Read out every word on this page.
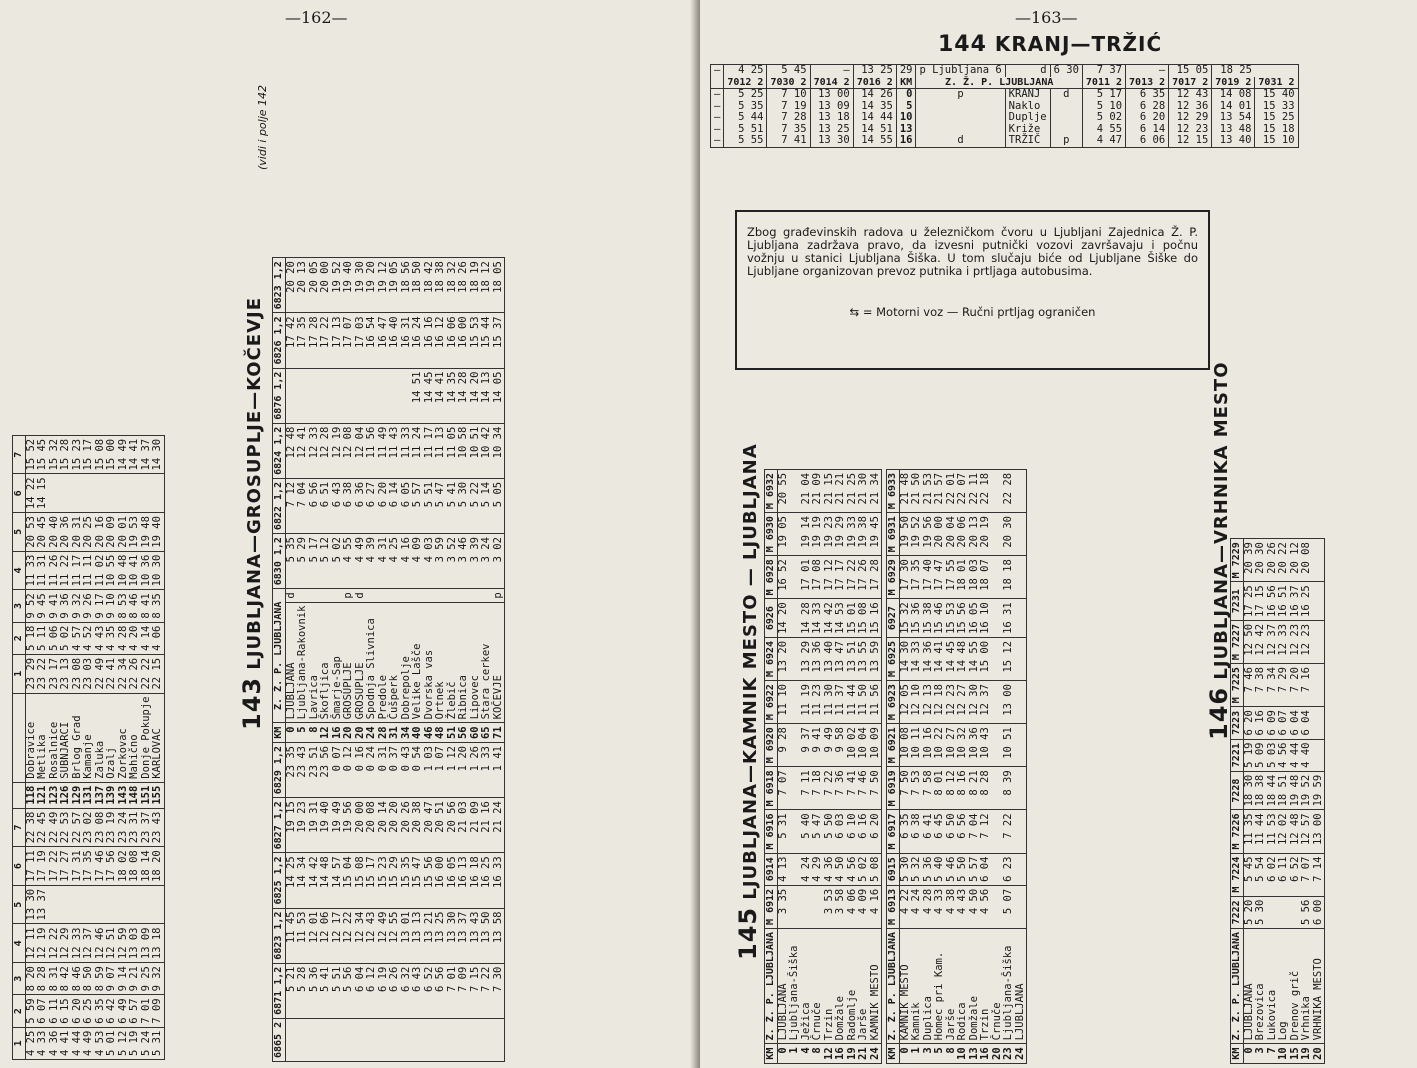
—162—
1	2	3	4	5	6	7			1	2	3	4	5	6	7
4 25	5 59	8 20	12 11	13 30	17 11	22 38	118	Dobravice	23 29	5 18	9 52	11 33	20 53	14 22	15 52
4 33	6 07	8 28	12 19	13 37	17 19	22 45	121	Metlika	23 22	5 11	9 45	11 31	20 45	14 15	15 45
4 36	6 11	8 31	12 22		17 22	22 49	123	Rosalnice	23 17	5 06	9 41	11 26	20 40		15 32
4 41	6 15	8 42	12 29		17 27	22 53	126	SUBNJARCI	23 13	5 02	9 36	11 22	20 36		15 28
4 44	6 20	8 46	12 33		17 31	22 57	129	Brlog Grad	23 08	4 57	9 32	11 17	20 31		15 23
4 49	6 25	8 50	12 37		17 35	23 02	131	Kamanje	23 03	4 52	9 26	11 11	20 25		15 17
4 53	6 35	8 59	12 46		17 46	23 08	137	Zaluka	22 49	4 43	9 17	11 02	20 16		15 08
5 01	6 42	9 07	12 51		17 56	23 19	139	Ozalj	22 41	4 35	9 10	10 55	20 09		15 00
5 12	6 49	9 14	12 59		18 02	23 24	143	Zorkovac	22 34	4 28	8 53	10 48	20 01		14 49
5 19	6 57	9 21	13 03		18 08	23 31	148	Mahično	22 26	4 20	8 46	10 41	19 53		14 41
5 24	7 01	9 25	13 09		18 14	23 37	151	Donje Pokupje	22 22	4 14	8 41	10 36	19 48		14 37
5 31	7 09	9 32	13 18		18 20	23 43	155	KARLOVAC	22 15	4 06	8 35	10 30	19 40		14 30
143 LJUBLJANA—GROSUPLJE—KOČEVJE
(vidi i polje 142
6865 2	6871 1,2	6823 1,2	6825 1,2	6827 1,2	6829 1,2	KM	Z. Ž. P. LJUBLJANA		6830 1,2	6822 1,2	6824 1,2	6876 1,2	6826 1,2	6823 1,2
	5 21	11 45	14 25	19 15	23 35	0	LJUBLJANA	d	5 35	7 12	12 48		17 42	20 20
	5 28	11 53	14 34	19 23	23 43	5	Ljubljana-Rakovnik		5 29	7 04	12 41		17 35	20 13
	5 36	12 01	14 42	19 31	23 51	8	Lavrica		5 17	6 56	12 33		17 28	20 05
	5 41	12 06	14 48	19 40	23 56	12	Škofljica		5 12	6 51	12 28		17 22	20 00
	5 51	12 17	14 57	19 49	0 07	16	Šmarje-Sap		5 02	6 43	12 19		17 13	19 52
	5 56	12 22	15 04	19 56	0 12	20	GROSUPLJE	p	4 55	6 38	12 08		17 07	19 40
	6 04	12 34	15 08	20 00	0 16	20	GROSUPLJE	d	4 49	6 36	12 04		17 03	19 30
	6 12	12 43	15 17	20 08	0 24	24	Spodnja Slivnica		4 39	6 27	11 56		16 54	19 20
	6 19	12 49	15 23	20 14	0 31	28	Predole		4 31	6 20	11 49		16 47	19 12
	6 26	12 55	15 29	20 20	0 37	31	Čušperk		4 25	6 14	11 43		16 40	19 05
	6 32	13 01	15 35	20 26	0 43	34	Dobrepolje		4 16	6 05	11 33		16 31	18 56
	6 43	13 13	15 47	20 38	0 54	40	Velike Lašče		4 09	5 57	11 24	14 51	16 24	18 50
	6 52	13 21	15 56	20 47	1 03	46	Dvorska vas		4 03	5 51	11 17	14 45	16 16	18 42
	6 56	13 25	16 00	20 51	1 07	48	Ortnek		3 59	5 47	11 13	14 41	16 12	18 38
	7 01	13 30	16 05	20 56	1 12	51	Žlebič		3 52	5 41	11 05	14 35	16 06	18 32
	7 09	13 37	16 13	21 03	1 20	56	Ribnica		3 46	5 30	10 58	14 28	16 00	18 26
	7 15	13 43	16 18	21 09	1 26	60	Lipovec		3 39	5 22	10 51	14 20	15 53	18 19
	7 22	13 50	16 25	21 16	1 33	65	Stara cerkev		3 24	5 14	10 42	14 13	15 44	18 12
	7 30	13 58	16 33	21 24	1 41	71	KOČEVJE	p	3 02	5 05	10 34	14 05	15 37	18 05
—163—
144 KRANJ—TRŽIĆ
—	4 25	5 45	—	13 25	29	p Ljubljana 6	d	6 30	7 37	—	15 05	18 25	
	7012 2	7030 2	7014 2	7016 2	KM	Z. Ž. P. LJUBLJANA			7011 2	7013 2	7017 2	7019 2	7031 2
—	5 25	7 10	13 00	14 26	0	p	KRANJ	d	5 17	6 35	12 43	14 08	15 40
—	5 35	7 19	13 09	14 35	5		Naklo		5 10	6 28	12 36	14 01	15 33
—	5 44	7 28	13 18	14 44	10		Duplje		5 02	6 20	12 29	13 54	15 25
—	5 51	7 35	13 25	14 51	13		Križe		4 55	6 14	12 23	13 48	15 18
—	5 55	7 41	13 30	14 55	16	d	TRŽIČ	p	4 47	6 06	12 15	13 40	15 10
Zbog građevinskih radova u železničkom čvoru u Ljubljani Zajednica Ž. P. Ljubljana zadržava pravo, da izvesni putnički vozovi završavaju i počnu vožnju u stanici Ljubljana Šiška. U tom slučaju biće od Ljubljane Šiške do Ljubljane organizovan prevoz putnika i prtljaga autobusima.
⇆ = Motorni voz — Ručni prtljag ograničen
145 LJUBLJANA—KAMNIK MESTO — LJUBLJANA
KM	Z. Ž. P. LJUBLJANA	M 6912	6914	M 6916	M 6918	M 6920	M 6922	M 6924	6926	M 6928	M 6930	M 6932
0	LJUBLJANA	3 35	4 13	5 31	7 07	9 28	11 10	13 20	14 20	16 52	19 05	20 55
1	Ljubljana-Šiška											
4	Ježica		4 24	5 40	7 11	9 37	11 19	13 29	14 28	17 01	19 14	21 04
8	Črnuče		4 29	5 47	7 18	9 41	11 23	13 36	14 33	17 08	19 19	21 09
12	Trzin	3 53	4 36	5 50	7 22	9 49	11 30	13 40	14 42	17 12	19 23	21 15
16	Domžale	3 58	4 50	6 03	7 36	9 58	11 37	13 47	14 53	17 17	19 29	21 21
19	Radomlje	4 06	4 56	6 10	7 41	10 02	11 44	13 51	15 01	17 22	19 33	21 25
21	Jarše	4 09	5 02	6 16	7 46	10 04	11 50	13 55	15 08	17 26	19 38	21 30
24	KAMNIK MESTO	4 16	5 08	6 20	7 50	10 09	11 56	13 59	15 16	17 28	19 45	21 34
KM	Z. Ž. P. LJUBLJANA	M 6913	6915	M 6917	M 6919	M 6921	M 6923	M 6925	6927	M 6929	M 6931	M 6933
0	KAMNIK MESTO	4 22	5 30	6 35	7 50	10 08	12 05	14 30	15 32	17 30	19 50	21 48
1	Kamnik	4 24	5 32	6 38	7 53	10 11	12 10	14 33	15 36	17 35	19 52	21 50
3	Duplica	4 28	5 36	6 41	7 58	10 16	12 13	14 36	15 38	17 40	19 56	21 53
5	Homec pri Kam.	4 33	5 40	6 45	8 01	10 22	12 18	14 41	15 46	17 47	20 00	21 57
8	Jarše	4 38	5 46	6 50	8 12	10 27	12 23	14 45	15 53	17 55	20 04	22 01
10	Rodica	4 43	5 50	6 56	8 16	10 32	12 27	14 48	15 56	18 01	20 06	22 07
13	Domžale	4 50	5 57	7 04	8 21	10 36	12 30	14 55	16 05	18 03	20 13	22 11
16	Trzin	4 56	6 04	7 12	8 28	10 43	12 37	15 00	16 10	18 07	20 19	22 18
20	Črnuče											
23	Ljubljana-Šiška	5 07	6 23	7 22	8 39	10 51	13 00	15 12	16 31	18 18	20 30	22 28
24	LJUBLJANA											
146 LJUBLJANA—VRHNIKA MESTO
KM	Z. Ž. P. LJUBLJANA	7222	M 7224	M 7226	7228	7221	7223	M 7225	M 7227	7231	M 7229
0	LJUBLJANA	5 20	5 45	11 35	18 30	5 19	6 20	7 46	12 50	17 25	20 39
3	Brezovica	5 30	5 54	11 44	18 38	5 09	6 16	7 38	12 42	17 15	20 30
7	Lukovica		6 02	11 53	18 44	5 03	6 09	7 34	12 37	16 56	20 26
10	Log		6 11	12 02	18 51	4 56	6 07	7 29	12 33	16 51	20 22
15	Drenov grič		6 52	12 48	19 48	4 44	6 04	7 20	12 23	16 37	20 12
19	Vrhnika	5 56	7 07	12 57	19 52	4 40	6 04	7 16	12 23	16 25	20 08
20	VRHNIKA MESTO	6 00	7 14	13 00	19 59						
